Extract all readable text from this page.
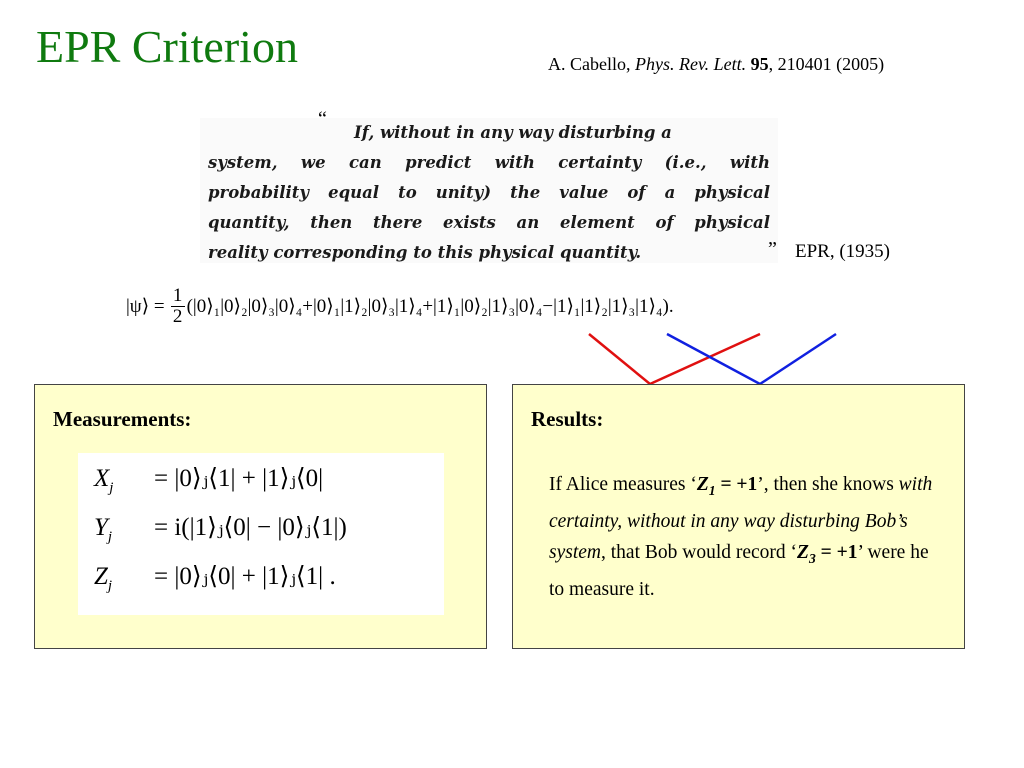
EPR Criterion	A. Cabello, Phys. Rev. Lett. 95, 210401 (2005)
If, without in any way disturbing a
system, we can predict with certainty (i.e., with
probability equal to unity) the value of a physical
quantity, then there exists an element of physical
reality corresponding to this physical quantity.	” EPR, (1935)
|ψ⟩ = $\frac{1}{2}$ (|0⟩₁|0⟩₂|0⟩₃|0⟩₄+|0⟩₁|1⟩₂|0⟩₃|1⟩₄+|1⟩₁|0⟩₂|1⟩₃|0⟩₄−|1⟩₁|1⟩₂|1⟩₃|1⟩₄).
Measurements:
$X_j$ = |0⟩ⱼ⟨1| + |1⟩ⱼ⟨0|
$Y_j$ = i(|1⟩ⱼ⟨0| − |0⟩ⱼ⟨1|)
$Z_j$ = |0⟩ⱼ⟨0| + |1⟩ⱼ⟨1| .
Results:
If Alice measures ‘$Z_1 = +1$’, then she knows with certainty, without in any way disturbing Bob’s system, that Bob would record ‘$Z_3 = +1$’ were he to measure it.
